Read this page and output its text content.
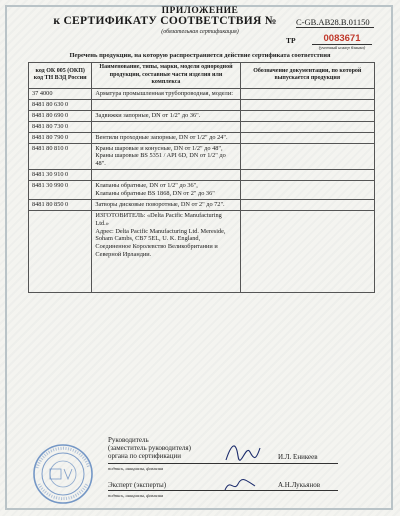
ПРИЛОЖЕНИЕ
к СЕРТИФИКАТУ СООТВЕТСТВИЯ №	C-GB.AB28.B.01150
(обязательная сертификация)
ТР	0083671
(учетный номер бланка)
Перечень продукции, на которую распространяется действие сертификата соответствия
код ОК 005 (ОКП)
код ТН ВЭД России	Наименование, типы, марки, модели однородной продукции, составные части изделия или комплекса	Обозначение документации, по которой выпускается продукция
37 4000	Арматура промышленная трубопроводная, модели:	
8481 80 630 0		
8481 80 690 0	Задвижки запорные, DN от 1/2" до 36".	
8481 80 730 0		
8481 80 790 0	Вентили проходные запорные, DN от 1/2" до 24".	
8481 80 810 0	Краны шаровые и конусные, DN от 1/2" до 48",
Краны шаровые BS 5351 / API 6D, DN от 1/2" до 48".	
8481 30 910 0		
8481 30 990 0	Клапаны обратные, DN от 1/2" до 36",
Клапаны обратные BS 1868, DN от 2" до 36"	
8481 80 850 0	Затворы дисковые поворотные, DN от 2" до 72".	
	ИЗГОТОВИТЕЛЬ: «Delta Pacific Manufacturing Ltd.»
Адрес: Delta Pacific Manufacturing Ltd. Mereside, Soham Cambs, CB7 5EL, U. K. England, Соединенное Королевство Великобритании и Северной Ирландии.	
Руководитель
(заместитель руководителя)
органа по сертификации
подпись, инициалы, фамилия
И.Л. Еникеев
Эксперт (эксперты)
подпись, инициалы, фамилия
А.Н.Лукьянов
